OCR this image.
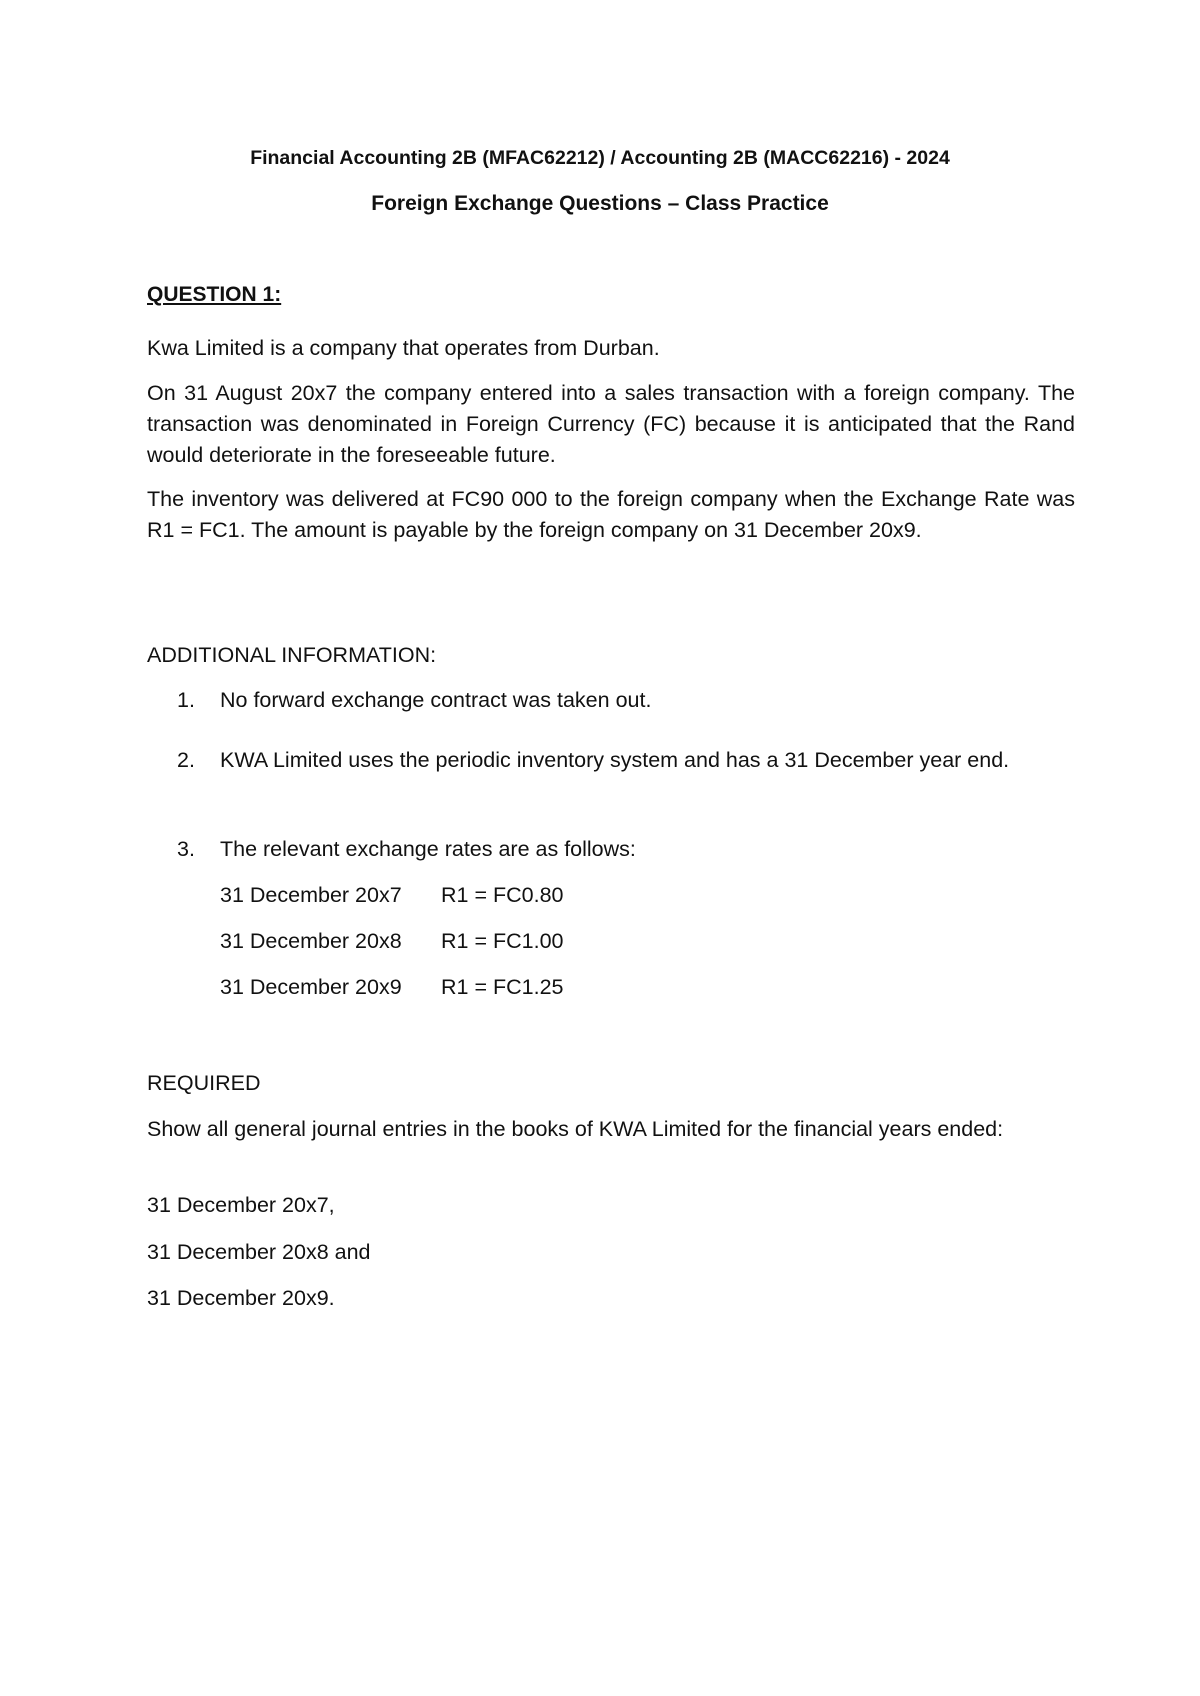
Financial Accounting 2B (MFAC62212) / Accounting 2B (MACC62216) - 2024
Foreign Exchange Questions – Class Practice
QUESTION 1:
Kwa Limited is a company that operates from Durban.
On 31 August 20x7 the company entered into a sales transaction with a foreign company. The transaction was denominated in Foreign Currency (FC) because it is anticipated that the Rand would deteriorate in the foreseeable future.
The inventory was delivered at FC90 000 to the foreign company when the Exchange Rate was R1 = FC1. The amount is payable by the foreign company on 31 December 20x9.
ADDITIONAL INFORMATION:
1. No forward exchange contract was taken out.
2. KWA Limited uses the periodic inventory system and has a 31 December year end.
3. The relevant exchange rates are as follows:
31 December 20x7 R1 = FC0.80
31 December 20x8 R1 = FC1.00
31 December 20x9 R1 = FC1.25
REQUIRED
Show all general journal entries in the books of KWA Limited for the financial years ended:
31 December 20x7,
31 December 20x8 and
31 December 20x9.
